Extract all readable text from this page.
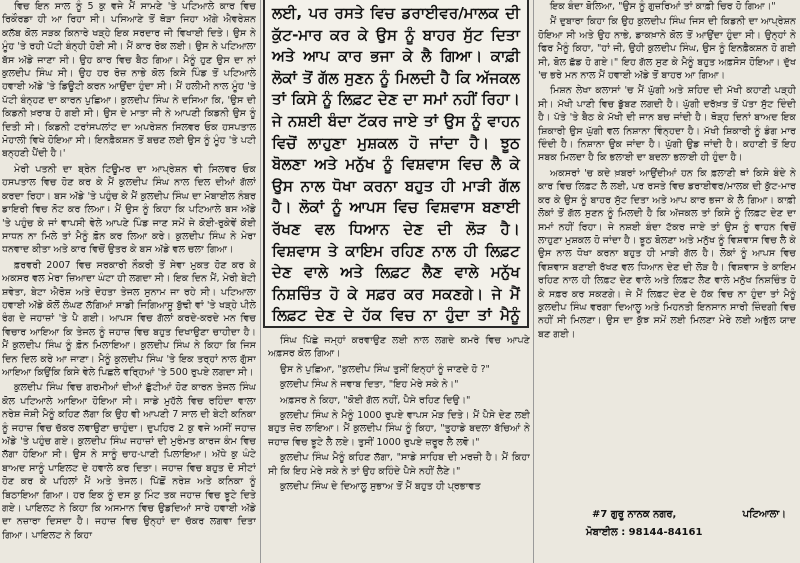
ਵਿਚ ਇਨ ਸਾਲ ਨੂੰ 5 ਕੁ ਵਜੇ ਮੈਂ ਸਾਮਣੇ 'ਤੇ ਪਟਿਆਲੇ ਕਾਰ ਵਿਚ ਰਿਕੌਰਡਾ ਹੀ ਆ ਰਿਹਾ ਸੀ। ਪਸਿਆਣੇ ਤੋਂ ਥੋੜਾ ਜਿਹਾ ਅੱਗੇ ਐਵਰੇਸ਼ਨ ਕਲੱਬ ਕੋਲ ਸੜਕ ਕਿਨਾਰੇ ਖੜ੍ਹੇ ਇਕ ਸਰਦਾਰ ਜੀ ਵਿਖਾਈ ਦਿਤੇ। ਉਸ ਨੇ ਮੂੰਹ 'ਤੇ ਰਹੀ ਪੱਟੀ ਬੰਨ੍ਹੀ ਹੋਈ ਸੀ। ਮੈਂ ਕਾਰ ਰੋਕ ਲਈ। ਉਸ ਨੇ ਪਟਿਆਲਾ ਬੱਸ ਅੱਡੇ ਜਾਣਾ ਸੀ। ਉਹ ਕਾਰ ਵਿਚ ਬੈਠ ਗਿਆ। ਮੈਨੂੰ ਹੁਣ ਉਸ ਦਾ ਨਾਂ ਕੁਲਦੀਪ ਸਿੰਘ ਸੀ। ਉਹ ਹਰ ਰੋਜ਼ ਨਾਭੇ ਕੋਲ ਕਿਸੇ ਪਿੰਡ ਤੋਂ ਪਟਿਆਲੇ ਹਵਾਈ ਅੱਡੇ 'ਤੇ ਡਿਊਟੀ ਕਰਨ ਆਉਂਦਾ ਹੁੰਦਾ ਸੀ। ਮੈਂ ਹਲੀਮੀ ਨਾਲ ਮੂੰਹ 'ਤੇ ਪੱਟੀ ਬੰਨ੍ਹਣ ਦਾ ਕਾਰਨ ਪੁਛਿਆ। ਕੁਲਦੀਪ ਸਿੰਘ ਨੇ ਦਸਿਆ ਕਿ, 'ਉਸ ਦੀ ਕਿਡਨੀ ਖ਼ਰਾਬ ਹੋ ਗਈ ਸੀ। ਉਸ ਦੇ ਮਾਤਾ ਜੀ ਨੇ ਆਪਣੀ ਕਿਡਨੀ ਉਸ ਨੂੰ ਦਿਤੀ ਸੀ। ਕਿਡਨੀ ਟਰਾਂਸਪਲਾਂਟ ਦਾ ਅਪਰੇਸ਼ਨ ਸਿਲਵਰ ਓਕ ਹਸਪਤਾਲ ਮੋਹਾਲੀ ਵਿਖੇ ਹੋਇਆ ਸੀ। ਇਨਫ਼ੈਕਸ਼ਨ ਤੋਂ ਬਚਣ ਲਈ ਉਸ ਨੂੰ ਮੂੰਹ 'ਤੇ ਪਟੀ ਬਨ੍ਹਣੀ ਪੈਂਦੀ ਹੈ।'

ਮੇਰੀ ਪਤਨੀ ਦਾ ਬ੍ਰੇਨ ਟਿਊਮਰ ਦਾ ਆਪ੍ਰੇਸ਼ਨ ਵੀ ਸਿਲਵਰ ਓਕ ਹਸਪਤਾਲ ਵਿਚ ਹੋਣ ਕਰ ਕੇ ਮੈਂ ਕੁਲਦੀਪ ਸਿੰਘ ਨਾਲ ਦਿਲ ਦੀਆਂ ਗੱਲਾਂ ਕਰਦਾ ਰਿਹਾ। ਬਸ ਅੱਡੇ 'ਤੇ ਪਹੁੰਚ ਕੇ ਮੈਂ ਕੁਲਦੀਪ ਸਿੰਘ ਦਾ ਮੋਬਾਈਲ ਨੰਬਰ ਡਾਇਰੀ ਵਿਚ ਨੋਟ ਕਰ ਲਿਆ। ਮੈਂ ਉਸ ਨੂੰ ਕਿਹਾ ਕਿ ਪਟਿਆਲੇ ਬਸ ਅੱਡੇ 'ਤੇ ਪਹੁੰਚ ਕੇ ਜਾਂ ਵਾਪਸੀ ਵੇਲੇ ਆਪਣੇ ਪਿੰਡ ਜਾਣ ਸਮੇਂ ਜੇ ਕੋਈ-ਰੁਕੇਵੇਂ ਕੋਈ ਸਾਧਨ ਨਾ ਮਿਲੇ ਤਾਂ ਮੈਨੂੰ ਫ਼ੋਨ ਕਰ ਲਿਆ ਕਰੇ। ਕੁਲਦੀਪ ਸਿੰਘ ਨੇ ਮੇਰਾ ਧਨਵਾਦ ਕੀਤਾ ਅਤੇ ਕਾਰ ਵਿਚੋਂ ਉਤਰ ਕੇ ਬਸ ਅੱਡੇ ਵਲ ਚਲਾ ਗਿਆ।

ਫ਼ਰਵਰੀ 2007 ਵਿਚ ਸਰਕਾਰੀ ਨੌਕਰੀ ਤੋਂ ਸੇਵਾ ਮੁਕਤ ਹੋਣ ਕਰ ਕੇ ਅਕਸਰ ਵਲ ਮੇਰਾ ਜ਼ਿਆਦਾ ਘੰਟਾ ਹੀ ਲਗਦਾ ਸੀ। ਇਕ ਦਿਨ ਮੈਂ, ਮੇਰੀ ਬੇਟੀ ਸ਼ਵੇਤਾ, ਬੇਟਾ ਐਰੋਸ਼ ਅਤੇ ਦੋਹਤਾ ਤੇਜਲ ਸੁਨਾਮ ਜਾ ਰਹੇ ਸੀ। ਪਟਿਆਲਾ ਹਵਾਈ ਅੱਡੇ ਕੋਲੋਂ ਲੰਘਣ ਲੱਗਿਆਂ ਸਾਡੀ ਜਿਗਿਆਸੂ ਬੁੱਢੀ ਵਾਂ 'ਤੇ ਖੜ੍ਹੇ ਪੀਲੇ ਰੰਗ ਦੇ ਜਹਾਜ਼ਾਂ 'ਤੇ ਪੈ ਗਈ। ਆਪਸ ਵਿਚ ਗੱਲਾਂ ਕਰਦੇ-ਕਰਦੇ ਮਨ ਵਿਚ ਵਿਚਾਰ ਆਇਆ ਕਿ ਤੇਜਲ ਨੂੰ ਜਹਾਜ਼ ਵਿਚ ਬਹੁਤ ਦਿਖਾਉਣਾ ਚਾਹੀਦਾ ਹੈ। ਮੈਂ ਕੁਲਦੀਪ ਸਿੰਘ ਨੂੰ ਫ਼ੋਨ ਮਿਲਾਇਆ। ਕੁਲਦੀਪ ਸਿੰਘ ਨੇ ਕਿਹਾ ਕਿ ਜਿਸ ਦਿਨ ਦਿਲ ਕਰੇ ਆ ਜਾਣਾ। ਮੈਨੂੰ ਕੁਲਦੀਪ ਸਿੰਘ 'ਤੇ ਇਕ ਤਰ੍ਹਾਂ ਨਾਲ ਗੁੱਸਾ ਆਇਆ ਕਿਉਂਕਿ ਕਿਸੇ ਵੇਲੇ ਪਿਛਲੇ ਵਰ੍ਹਿਆਂ 'ਤੇ 500 ਰੁਪਏ ਲਗਦਾ ਸੀ।

ਕੁਲਦੀਪ ਸਿੰਘ ਵਿਚ ਗਰਮੀਆਂ ਦੀਆਂ ਛੁੱਟੀਆਂ ਹੋਣ ਕਾਰਨ ਤੇਜਲ ਸਿੰਘ ਕੋਲ ਪਟਿਆਲੇ ਆਇਆ ਹੋਇਆ ਸੀ। ਸਾਡੇ ਮੁਹੱਲੇ ਵਿਚ ਰਹਿੰਦਾ ਵਾਲਾ ਨਰੇਸ਼ ਜੋਸ਼ੀ ਮੈਨੂੰ ਕਹਿਣ ਲੱਗਾ ਕਿ ਉਹ ਵੀ ਆਪਣੀ 7 ਸਾਲ ਦੀ ਬੇਟੀ ਕਨਿਕਾ ਨੂੰ ਜਹਾਜ਼ ਵਿਚ ਚੱਕਰ ਲਵਾਉਣਾ ਚਾਹੁੰਦਾ। ਦੁਪਹਿਰ 2 ਕੁ ਵਜੇ ਅਸੀਂ ਜਹਾਜ਼ ਅੱਡੇ 'ਤੇ ਪਹੁੰਚ ਗਏ। ਕੁਲਦੀਪ ਸਿੰਘ ਜਹਾਜ਼ਾਂ ਦੀ ਮੁਰੰਮਤ ਕਾਰਜ ਕੰਮ ਵਿਚ ਲੱਗਾ ਹੋਇਆ ਸੀ। ਉਸ ਨੇ ਸਾਨੂੰ ਚਾਹ-ਪਾਣੀ ਪਿਲਾਇਆ। ਅੱਧੇ ਕੁ ਘੰਟੇ ਬਾਅਦ ਸਾਨੂੰ ਪਾਇਲਟ ਦੇ ਹਵਾਲੇ ਕਰ ਦਿਤਾ। ਜਹਾਜ਼ ਵਿਚ ਬਹੁਤ ਦੋ ਸੀਟਾਂ ਹੋਣ ਕਰ ਕੇ ਪਹਿਲਾਂ ਮੈਂ ਅਤੇ ਤੇਜਲ। ਪਿੱਛੋਂ ਨਰੇਸ਼ ਅਤੇ ਕਨਿਕਾ ਨੂੰ ਬਿਠਾਇਆ ਗਿਆ। ਹਰ ਇਕ ਨੂੰ ਦਸ ਕੁ ਮਿੰਟ ਤਕ ਜਹਾਜ਼ ਵਿਚ ਝੂਟੇ ਦਿਤੇ ਗਏ। ਪਾਇਲਟ ਨੇ ਕਿਹਾ ਕਿ ਅਸਮਾਨ ਵਿਚ ਉਡਦਿਆਂ ਸਾਰੇ ਹਵਾਈ ਅੱਡੇ ਦਾ ਨਜ਼ਾਰਾ ਦਿਸਦਾ ਹੈ। ਜਹਾਜ਼ ਵਿਚ ਉਨ੍ਹਾਂ ਦਾ ਚੱਕਰ ਲਗਵਾ ਦਿਤਾ ਗਿਆ। ਪਾਇਲਟ ਨੇ ਕਿਹਾ

ਲਈ, ਪਰ ਰਸਤੇ ਵਿਚ ਡਰਾਈਵਰ/ਮਾਲਕ ਦੀ ਕੁੱਟ-ਮਾਰ ਕਰ ਕੇ ਉਸ ਨੂੰ ਬਾਹਰ ਸੁੱਟ ਦਿਤਾ ਅਤੇ ਆਪ ਕਾਰ ਭਜਾ ਕੇ ਲੈ ਗਿਆ। ਕਾਫ਼ੀ ਲੋਕਾਂ ਤੋਂ ਗੱਲ ਸੁਣਨ ਨੂੰ ਮਿਲਦੀ ਹੈ ਕਿ ਅੱਜਕਲ ਤਾਂ ਕਿਸੇ ਨੂੰ ਲਿਫ਼ਟ ਦੇਣ ਦਾ ਸਮਾਂ ਨਹੀਂ ਰਿਹਾ। ਜੇ ਨਸ਼ਈ ਬੰਦਾ ਟੱਕਰ ਜਾਏ ਤਾਂ ਉਸ ਨੂੰ ਵਾਹਨ ਵਿਚੋਂ ਲਾਹੁਣਾ ਮੁਸ਼ਕਲ ਹੋ ਜਾਂਦਾ ਹੈ। ਝੂਠ ਬੋਲਣਾ ਅਤੇ ਮਨੁੱਖ ਨੂੰ ਵਿਸ਼ਵਾਸ ਵਿਚ ਲੈ ਕੇ ਉਸ ਨਾਲ ਧੋਖਾ ਕਰਨਾ ਬਹੁਤ ਹੀ ਮਾੜੀ ਗੱਲ ਹੈ। ਲੋਕਾਂ ਨੂੰ ਆਪਸ ਵਿਚ ਵਿਸ਼ਵਾਸ ਬਣਾਈ ਰੱਖਣ ਵਲ ਧਿਆਨ ਦੇਣ ਦੀ ਲੋੜ ਹੈ। ਵਿਸ਼ਵਾਸ ਤੇ ਕਾਇਮ ਰਹਿਣ ਨਾਲ ਹੀ ਲਿਫ਼ਟ ਦੇਣ ਵਾਲੇ ਅਤੇ ਲਿਫ਼ਟ ਲੈਣ ਵਾਲੇ ਮਨੁੱਖ ਨਿਸ਼ਚਿੰਤ ਹੋ ਕੇ ਸਫ਼ਰ ਕਰ ਸਕਣਗੇ। ਜੇ ਮੈਂ ਲਿਫ਼ਟ ਦੇਣ ਦੇ ਹੱਕ ਵਿਚ ਨਾ ਹੁੰਦਾ ਤਾਂ ਮੈਨੂੰ

ਸਿੰਘ ਪਿੱਛੇ ਜਮ੍ਹਾਂ ਕਰਵਾਉਣ ਲਈ ਨਾਲ ਲਗਦੇ ਕਮਰੇ ਵਿਚ ਆਪਣੇ ਅਫ਼ਸਰ ਕੋਲ ਗਿਆ।

ਉਸ ਨੇ ਪੁਛਿਆ, "ਕੁਲਦੀਪ ਸਿੰਘ ਤੁਸੀਂ ਇਨ੍ਹਾਂ ਨੂੰ ਜਾਣਦੇ ਹੋ ?"

ਕੁਲਦੀਪ ਸਿੰਘ ਨੇ ਜਵਾਬ ਦਿਤਾ, "ਇਹ ਮੇਰੇ ਸਕੇ ਨੇ।"

ਅਫ਼ਸਰ ਨੇ ਕਿਹਾ, "ਕੋਈ ਗੱਲ ਨਹੀਂ, ਪੈਸੇ ਰਹਿਣ ਦਿਉ।"

ਕੁਲਦੀਪ ਸਿੰਘ ਨੇ ਮੈਨੂੰ 1000 ਰੁਪਏ ਵਾਪਸ ਮੋੜ ਦਿਤੇ। ਮੈਂ ਪੈਸੇ ਦੇਣ ਲਈ ਬਹੁਤ ਜ਼ੋਰ ਲਾਇਆ। ਮੈਂ ਕੁਲਦੀਪ ਸਿੰਘ ਨੂੰ ਕਿਹਾ, "ਤੁਹਾਡੇ ਬਦਲਾ ਬੱਚਿਆਂ ਨੇ ਜਹਾਜ਼ ਵਿਚ ਝੂਟੇ ਲੈ ਲਏ। ਤੁਸੀਂ 1000 ਰੁਪਏ ਜ਼ਰੂਰ ਲੈ ਲਵੋ।"

ਕੁਲਦੀਪ ਸਿੰਘ ਮੈਨੂੰ ਕਹਿਣ ਲੱਗਾ, "ਸਾਡੇ ਸਾਹਿਬ ਦੀ ਮਰਜ਼ੀ ਹੈ। ਮੈਂ ਕਿਹਾ ਸੀ ਕਿ ਇਹ ਮੇਰੇ ਸਕੇ ਨੇ ਤਾਂ ਉਹ ਕਹਿੰਦੇ ਪੈਸੇ ਨਹੀਂ ਲੈਣੇ।"

ਕੁਲਦੀਪ ਸਿੰਘ ਦੇ ਦਿਆਲੂ ਸੁਭਾਅ ਤੋਂ ਮੈਂ ਬਹੁਤ ਹੀ ਪ੍ਰਭਾਵਤ

ਇਕ ਬੰਦਾ ਬੋਲਿਆ, "ਉਸ ਨੂੰ ਗੁਜ਼ਰਿਆਂ ਤਾਂ ਕਾਫ਼ੀ ਚਿਰ ਹੋ ਗਿਆ।"

ਮੈਂ ਦੁਬਾਰਾ ਕਿਹਾ ਕਿ ਉਹ ਕੁਲਦੀਪ ਸਿੰਘ ਜਿਸ ਦੀ ਕਿਡਨੀ ਦਾ ਆਪ੍ਰੇਸ਼ਨ ਹੋਇਆ ਸੀ ਅਤੇ ਉਹ ਨਾਭੇ, ਡਾਕਖ਼ਾਨੇ ਕੋਲ ਤੋਂ ਆਉਂਦਾ ਹੁੰਦਾ ਸੀ। ਉਨ੍ਹਾਂ ਨੇ ਫਿਰ ਮੈਨੂੰ ਕਿਹਾ, "ਹਾਂ ਜੀ, ਉਹੀ ਕੁਲਦੀਪ ਸਿੰਘ, ਉਸ ਨੂੰ ਇਨਫ਼ੈਕਸ਼ਨ ਹੋ ਗਈ ਸੀ, ਬੋਲ ਛੱਡ ਹੋ ਗਏ।" ਇਹ ਗੱਲ ਸੁਣ ਕੇ ਮੈਨੂੰ ਬਹੁਤ ਅਫ਼ਸੋਸ ਹੋਇਆ। ਦੁੱਖ 'ਚ ਭਰੇ ਮਨ ਨਾਲ ਮੈਂ ਹਵਾਈ ਅੱਡੇ ਤੋਂ ਬਾਹਰ ਆ ਗਿਆ।

ਮਿਸ਼ਨ ਲੇਖਾ ਕਲਾਸਾਂ 'ਚ ਮੈਂ ਘੁੱਗੀ ਅਤੇ ਸ਼ਹਿਦ ਦੀ ਮੱਖੀ ਕਹਾਣੀ ਪੜ੍ਹੀ ਸੀ। ਮੱਖੀ ਪਾਣੀ ਵਿਚ ਡੁੱਬਣ ਲਗਦੀ ਹੈ। ਘੁੱਗੀ ਦਰੱਖ਼ਤ ਤੋਂ ਪੱਤਾ ਸੁੱਟ ਦਿੰਦੀ ਹੈ। ਪੱਤੇ 'ਤੇ ਬੈਠ ਕੇ ਮੱਖੀ ਦੀ ਜਾਨ ਬਚ ਜਾਂਦੀ ਹੈ। ਥੋੜ੍ਹ ਦਿਨਾਂ ਬਾਅਦ ਇਕ ਸ਼ਿਕਾਰੀ ਉਸ ਘੁੱਗੀ ਵਲ ਨਿਸ਼ਾਨਾ ਵਿੰਨ੍ਹਦਾ ਹੈ। ਮੱਖੀ ਸ਼ਿਕਾਰੀ ਨੂੰ ਡੰਗ ਮਾਰ ਦਿੰਦੀ ਹੈ। ਨਿਸ਼ਾਨਾ ਉਕ ਜਾਂਦਾ ਹੈ। ਘੁੱਗੀ ਉਡ ਜਾਂਦੀ ਹੈ। ਕਹਾਣੀ ਤੋਂ ਇਹ ਸਬਕ ਮਿਲਦਾ ਹੈ ਕਿ ਭਲਾਈ ਦਾ ਬਦਲਾ ਭਲਾਈ ਹੀ ਹੁੰਦਾ ਹੈ।

ਅਕਸਰਾਂ 'ਚ ਕਦੇ ਖ਼ਬਰਾਂ ਆਉਂਦੀਆਂ ਹਨ ਕਿ ਫ਼ਲਾਣੀ ਥਾਂ ਕਿਸੇ ਬੰਦੇ ਨੇ ਕਾਰ ਵਿਚ ਲਿਫ਼ਟ ਲੈ ਲਈ, ਪਰ ਰਸਤੇ ਵਿਚ ਡਰਾਈਵਰ/ਮਾਲਕ ਦੀ ਕੁੱਟ-ਮਾਰ ਕਰ ਕੇ ਉਸ ਨੂੰ ਬਾਹਰ ਸੁੱਟ ਦਿਤਾ ਅਤੇ ਆਪ ਕਾਰ ਭਜਾ ਕੇ ਲੈ ਗਿਆ। ਕਾਫ਼ੀ ਲੋਕਾਂ ਤੋਂ ਗੱਲ ਸੁਣਨ ਨੂੰ ਮਿਲਦੀ ਹੈ ਕਿ ਅੱਜਕਲ ਤਾਂ ਕਿਸੇ ਨੂੰ ਲਿਫ਼ਟ ਦੇਣ ਦਾ ਸਮਾਂ ਨਹੀਂ ਰਿਹਾ। ਜੇ ਨਸ਼ਈ ਬੰਦਾ ਟੱਕਰ ਜਾਏ ਤਾਂ ਉਸ ਨੂੰ ਵਾਹਨ ਵਿਚੋਂ ਲਾਹੁਣਾ ਮੁਸ਼ਕਲ ਹੋ ਜਾਂਦਾ ਹੈ। ਝੂਠ ਬੋਲਣਾ ਅਤੇ ਮਨੁੱਖ ਨੂੰ ਵਿਸ਼ਵਾਸ ਵਿਚ ਲੈ ਕੇ ਉਸ ਨਾਲ ਧੋਖਾ ਕਰਨਾ ਬਹੁਤ ਹੀ ਮਾੜੀ ਗੱਲ ਹੈ। ਲੋਕਾਂ ਨੂੰ ਆਪਸ ਵਿਚ ਵਿਸ਼ਵਾਸ ਬਣਾਈ ਰੱਖਣ ਵਲ ਧਿਆਨ ਦੇਣ ਦੀ ਲੋੜ ਹੈ। ਵਿਸ਼ਵਾਸ ਤੇ ਕਾਇਮ ਰਹਿਣ ਨਾਲ ਹੀ ਲਿਫ਼ਟ ਦੇਣ ਵਾਲੇ ਅਤੇ ਲਿਫ਼ਟ ਲੈਣ ਵਾਲੇ ਮਨੁੱਖ ਨਿਸ਼ਚਿੰਤ ਹੋ ਕੇ ਸਫ਼ਰ ਕਰ ਸਕਣਗੇ। ਜੇ ਮੈਂ ਲਿਫ਼ਟ ਦੇਣ ਦੇ ਹੱਕ ਵਿਚ ਨਾ ਹੁੰਦਾ ਤਾਂ ਮੈਨੂੰ ਕੁਲਦੀਪ ਸਿੰਘ ਵਰਗਾ ਦਿਆਲੂ ਅਤੇ ਮਿਹਨਤੀ ਇਨਸਾਨ ਸਾਰੀ ਜ਼ਿੰਦਗੀ ਵਿਚ ਨਹੀਂ ਸੀ ਮਿਲਣਾ। ਉਸ ਦਾ ਕੁੱਝ ਸਮੇਂ ਲਈ ਮਿਲਣਾ ਮੇਰੇ ਲਈ ਅਭੁੱਲ ਯਾਦ ਬਣ ਗਈ।

#7 ਗੁਰੂ ਨਾਨਕ ਨਗਰ,	ਪਟਿਆਲਾ।
ਮੋਬਾਈਲ : 98144-84161
